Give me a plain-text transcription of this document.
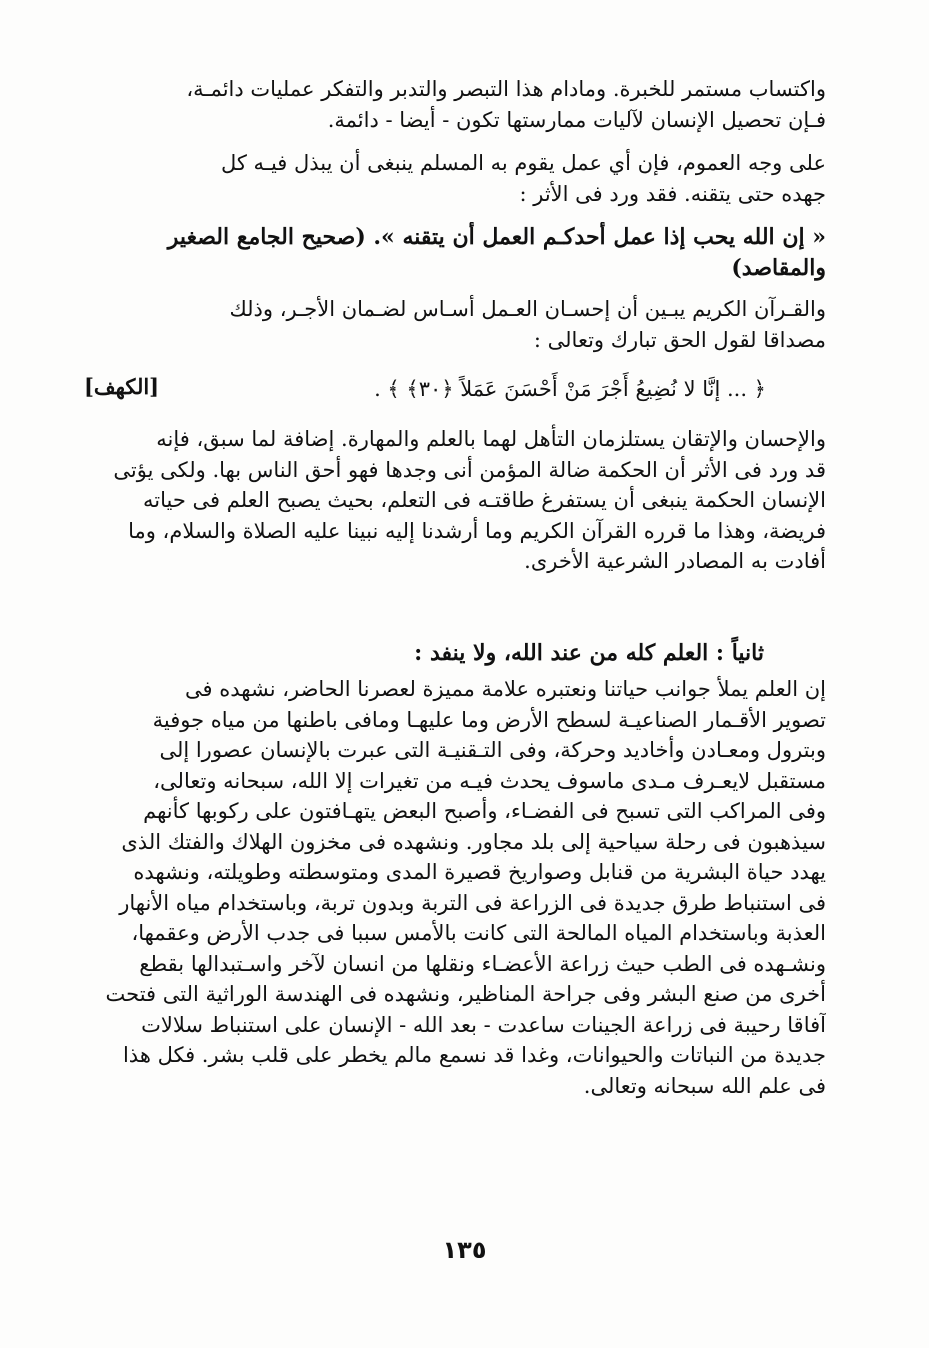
واكتساب مستمر للخبرة. ومادام هذا التبصر والتدبر والتفكر عمليات دائمـة،
فـإن تحصيل الإنسان لآليات ممارستها تكون - أيضا - دائمة.
على وجه العموم، فإن أي عمل يقوم به المسلم ينبغى أن يبذل فيـه كل
جهده حتى يتقنه. فقد ورد فى الأثر :
« إن الله يحب إذا عمل أحدكـم العمل أن يتقنه ». (صحيح الجامع الصغير
والمقاصد)
والقـرآن الكريم يبـين أن إحسـان العـمل أسـاس لضـمان الأجـر، وذلك
مصداقا لقول الحق تبارك وتعالى :
﴿ ... إنَّا لا نُضِيعُ أَجْرَ مَنْ أَحْسَنَ عَمَلاً ﴿٣٠﴾ ﴾ .
[الكهف]
والإحسان والإتقان يستلزمان التأهل لهما بالعلم والمهارة. إضافة لما سبق، فإنه
قد ورد فى الأثر أن الحكمة ضالة المؤمن أنى وجدها فهو أحق الناس بها. ولكى يؤتى
الإنسان الحكمة ينبغى أن يستفرغ طاقتـه فى التعلم، بحيث يصبح العلم فى حياته
فريضة، وهذا ما قرره القرآن الكريم وما أرشدنا إليه نبينا عليه الصلاة والسلام، وما
أفادت به المصادر الشرعية الأخرى.
ثانياً : العلم كله من عند الله، ولا ينفد :
إن العلم يملأ جوانب حياتنا ونعتبره علامة مميزة لعصرنا الحاضر، نشهده فى
تصوير الأقـمار الصناعيـة لسطح الأرض وما عليهـا ومافى باطنها من مياه جوفية
وبترول ومعـادن وأخاديد وحركة، وفى التـقنيـة التى عبرت بالإنسان عصورا إلى
مستقبل لايعـرف مـدى ماسوف يحدث فيـه من تغيرات إلا الله، سبحانه وتعالى،
وفى المراكب التى تسبح فى الفضـاء، وأصبح البعض يتهـافتون على ركوبها كأنهم
سيذهبون فى رحلة سياحية إلى بلد مجاور. ونشهده فى مخزون الهلاك والفتك الذى
يهدد حياة البشرية من قنابل وصواريخ قصيرة المدى ومتوسطته وطويلته، ونشهده
فى استنباط طرق جديدة فى الزراعة فى التربة وبدون تربة، وباستخدام مياه الأنهار
العذبة وباستخدام المياه المالحة التى كانت بالأمس سببا فى جدب الأرض وعقمها،
ونشـهده فى الطب حيث زراعة الأعضـاء ونقلها من انسان لآخر واسـتبدالها بقطع
أخرى من صنع البشر وفى جراحة المناظير، ونشهده فى الهندسة الوراثية التى فتحت
آفاقا رحيبة فى زراعة الجينات ساعدت - بعد الله - الإنسان على استنباط سلالات
جديدة من النباتات والحيوانات، وغدا قد نسمع مالم يخطر على قلب بشر. فكل هذا
فى علم الله سبحانه وتعالى.
١٣٥
